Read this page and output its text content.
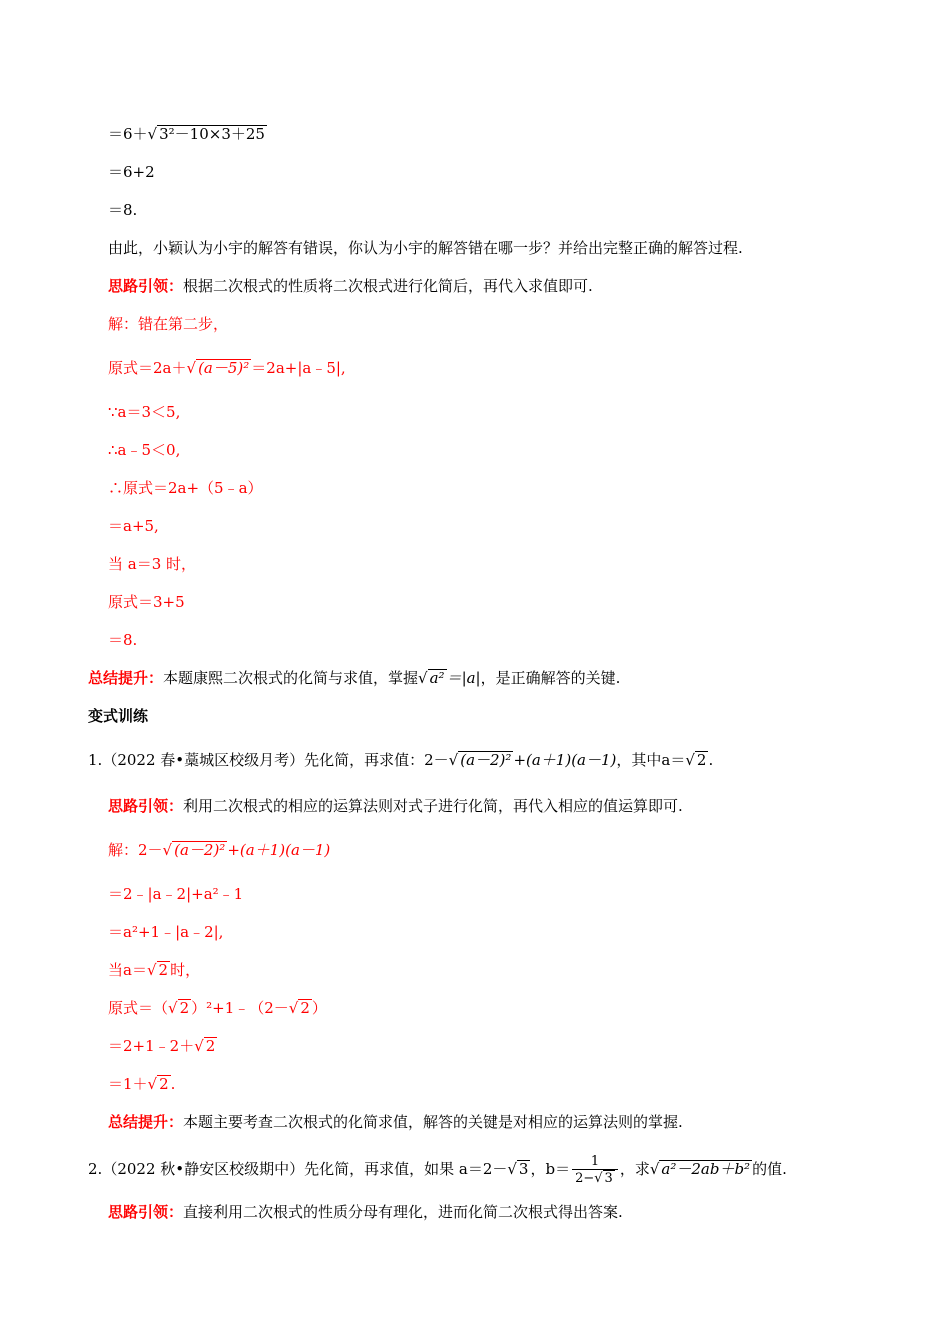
＝6＋√ 3²－10×3＋25
＝6+2
＝8.
由此，小颖认为小宇的解答有错误，你认为小宇的解答错在哪一步？并给出完整正确的解答过程.
思路引领：根据二次根式的性质将二次根式进行化简后，再代入求值即可.
解：错在第二步，
原式＝2a＋√ (a－5)² ＝2a+|a﹣5|,
∵a＝3＜5,
∴a﹣5＜0,
∴原式＝2a+（5﹣a）
＝a+5,
当 a＝3 时，
原式＝3+5
＝8.
总结提升：本题康熙二次根式的化简与求值，掌握√ a² ＝|a|，是正确解答的关键.
变式训练
1.（2022 春•藁城区校级月考）先化简，再求值：2－√ (a－2)² +(a＋1)(a－1)，其中a＝√ 2 .
思路引领：利用二次根式的相应的运算法则对式子进行化简，再代入相应的值运算即可.
解：2－√ (a－2)² +(a＋1)(a－1)
＝2﹣|a﹣2|+a²﹣1
＝a²+1﹣|a﹣2|,
当a＝√ 2 时，
原式＝（√ 2 ）²+1﹣（2－√ 2 ）
＝2+1﹣2＋√ 2
＝1＋√ 2 .
总结提升：本题主要考查二次根式的化简求值，解答的关键是对相应的运算法则的掌握.
2.（2022 秋•静安区校级期中）先化简，再求值，如果 a＝2－√ 3 ，$b= \frac{1}{2-√ 3}$ ，求√ a²－2ab＋b² 的值.
思路引领：直接利用二次根式的性质分母有理化，进而化简二次根式得出答案.
